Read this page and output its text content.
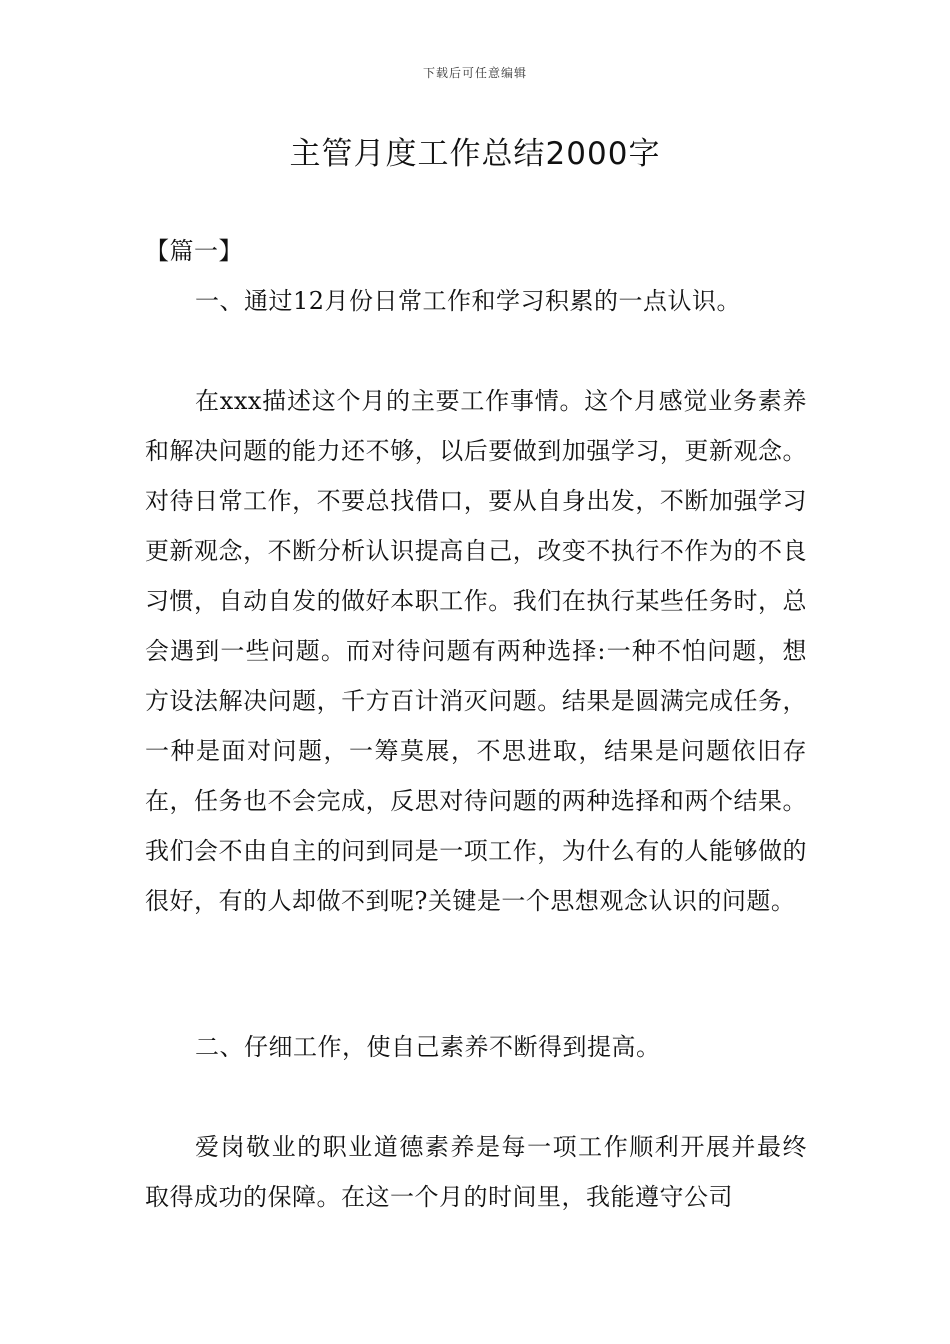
下载后可任意编辑
主管月度工作总结2000字

【篇一】

一、通过12月份日常工作和学习积累的一点认识。

在xxx描述这个月的主要工作事情。这个月感觉业务素养和解决问题的能力还不够，以后要做到加强学习，更新观念。对待日常工作，不要总找借口，要从自身出发，不断加强学习更新观念，不断分析认识提高自己，改变不执行不作为的不良习惯，自动自发的做好本职工作。我们在执行某些任务时，总会遇到一些问题。而对待问题有两种选择:一种不怕问题，想方设法解决问题，千方百计消灭问题。结果是圆满完成任务，一种是面对问题，一筹莫展，不思进取，结果是问题依旧存在，任务也不会完成，反思对待问题的两种选择和两个结果。我们会不由自主的问到同是一项工作，为什么有的人能够做的很好，有的人却做不到呢?关键是一个思想观念认识的问题。

二、仔细工作，使自己素养不断得到提高。

爱岗敬业的职业道德素养是每一项工作顺利开展并最终取得成功的保障。在这一个月的时间里，我能遵守公司
